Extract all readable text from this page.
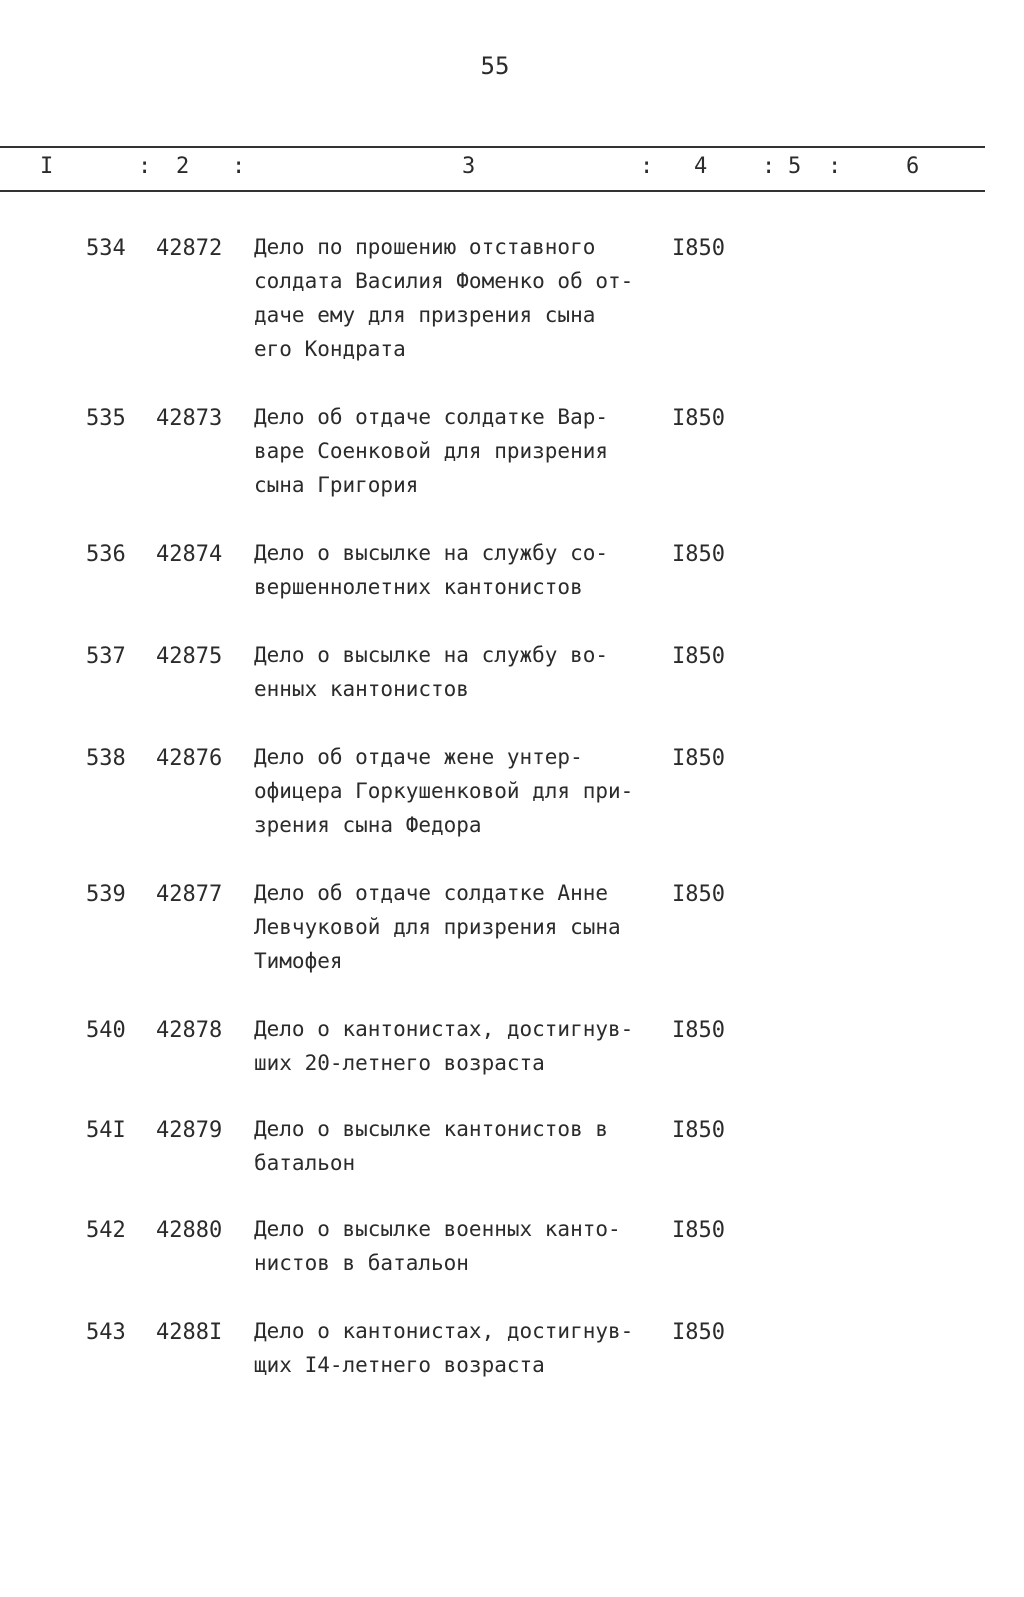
55
I	: 2 :	3	: 4 : 5 :	6
534 42872 Дело по прошению отставного
солдата Василия Фоменко об от-
даче ему для призрения сына
его Кондрата
I850
535 42873 Дело об отдаче солдатке Вар-
варе Соенковой для призрения
сына Григория
I850
536 42874 Дело о высылке на службу со-
вершеннолетних кантонистов
I850
537 42875 Дело о высылке на службу во-
енных кантонистов
I850
538 42876 Дело об отдаче жене унтер-
офицера Горкушенковой для при-
зрения сына Федора
I850
539 42877 Дело об отдаче солдатке Анне
Левчуковой для призрения сына
Тимофея
I850
540 42878 Дело о кантонистах, достигнув-
ших 20-летнего возраста
I850
54I 42879 Дело о высылке кантонистов в
батальон
I850
542 42880 Дело о высылке военных канто-
нистов в батальон
I850
543 4288I Дело о кантонистах, достигнув-
щих I4-летнего возраста
I850
